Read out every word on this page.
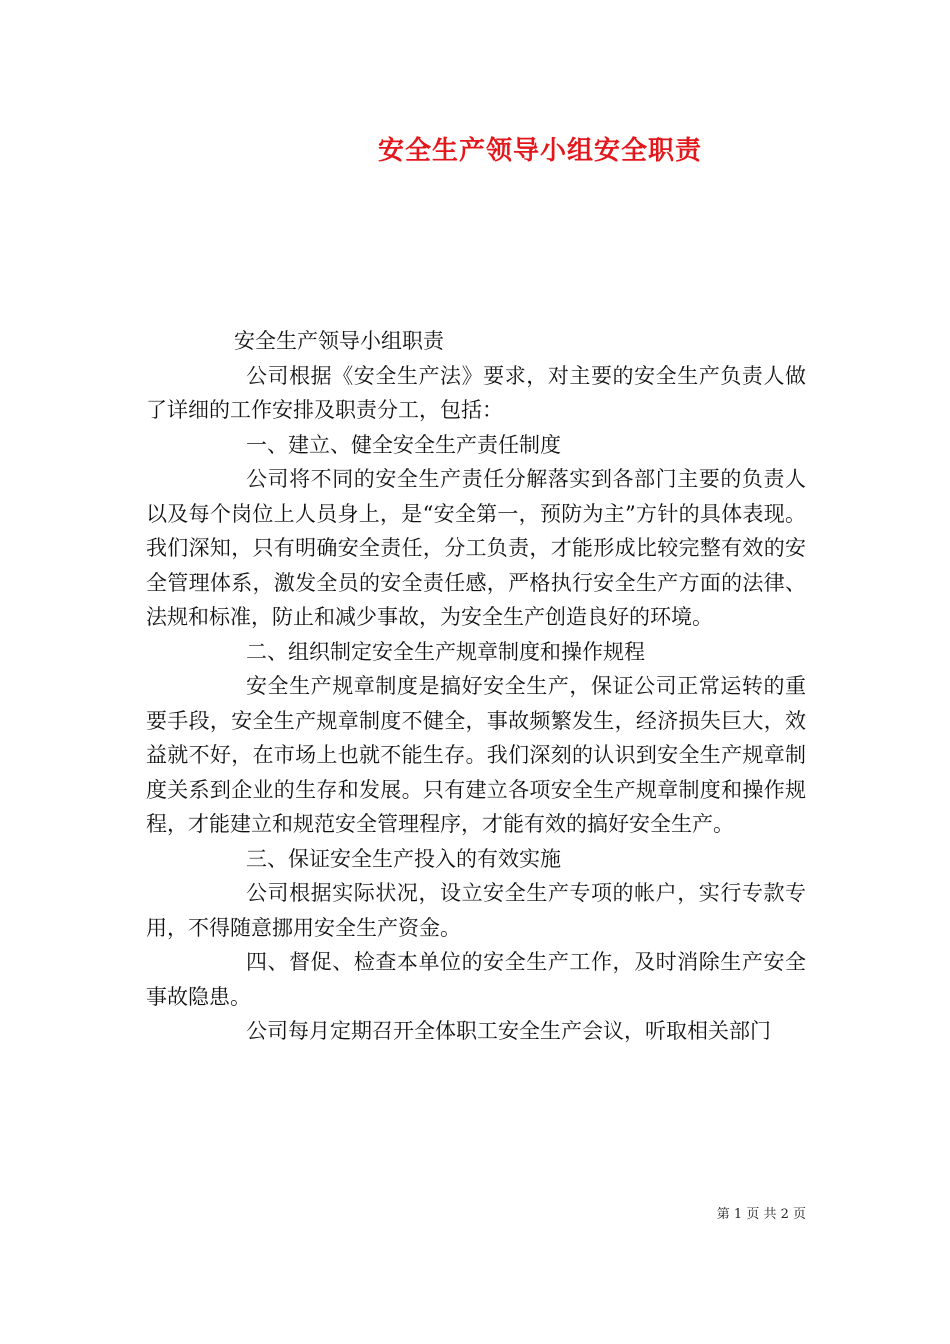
安全生产领导小组安全职责

安全生产领导小组职责

公司根据《安全生产法》要求，对主要的安全生产负责人做了详细的工作安排及职责分工，包括：

一、建立、健全安全生产责任制度

公司将不同的安全生产责任分解落实到各部门主要的负责人以及每个岗位上人员身上，是“安全第一，预防为主”方针的具体表现。我们深知，只有明确安全责任，分工负责，才能形成比较完整有效的安全管理体系，激发全员的安全责任感，严格执行安全生产方面的法律、法规和标准，防止和减少事故，为安全生产创造良好的环境。

二、组织制定安全生产规章制度和操作规程

安全生产规章制度是搞好安全生产，保证公司正常运转的重要手段，安全生产规章制度不健全，事故频繁发生，经济损失巨大，效益就不好，在市场上也就不能生存。我们深刻的认识到安全生产规章制度关系到企业的生存和发展。只有建立各项安全生产规章制度和操作规程，才能建立和规范安全管理程序，才能有效的搞好安全生产。

三、保证安全生产投入的有效实施

公司根据实际状况，设立安全生产专项的帐户，实行专款专用，不得随意挪用安全生产资金。

四、督促、检查本单位的安全生产工作，及时消除生产安全事故隐患。

公司每月定期召开全体职工安全生产会议，听取相关部门

第 1 页 共 2 页
